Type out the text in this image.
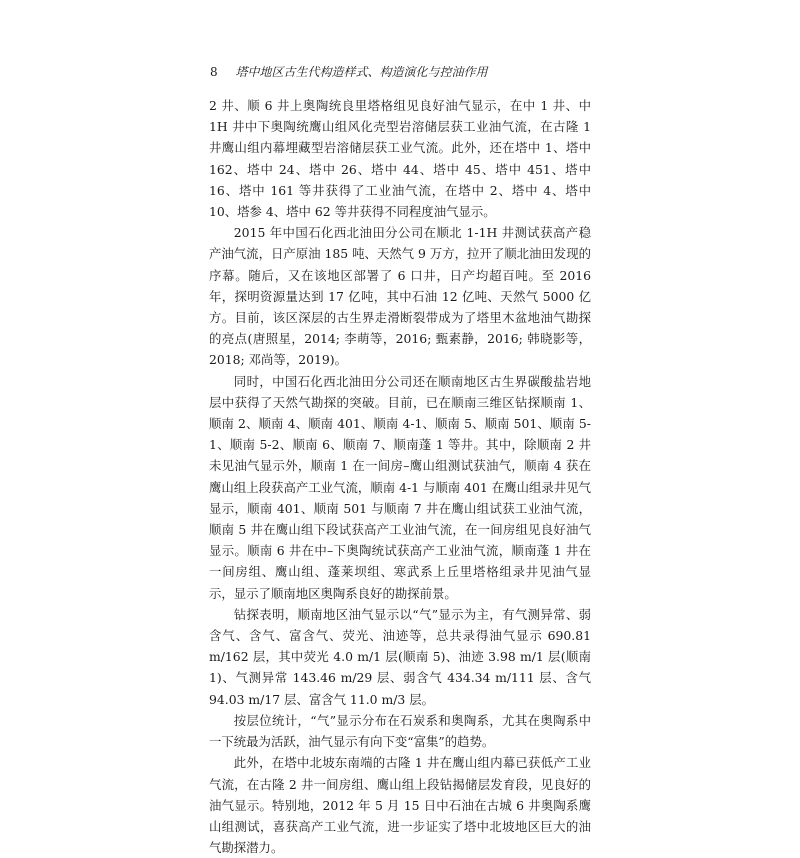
8 塔中地区古生代构造样式、构造演化与控油作用

2 井、顺 6 井上奥陶统良里塔格组见良好油气显示，在中 1 井、中 1H 井中下奥陶统鹰山组风化壳型岩溶储层获工业油气流，在古隆 1 井鹰山组内幕埋藏型岩溶储层获工业气流。此外，还在塔中 1、塔中 162、塔中 24、塔中 26、塔中 44、塔中 45、塔中 451、塔中 16、塔中 161 等井获得了工业油气流，在塔中 2、塔中 4、塔中 10、塔参 4、塔中 62 等井获得不同程度油气显示。

2015 年中国石化西北油田分公司在顺北 1-1H 井测试获高产稳产油气流，日产原油 185 吨、天然气 9 万方，拉开了顺北油田发现的序幕。随后，又在该地区部署了 6 口井，日产均超百吨。至 2016 年，探明资源量达到 17 亿吨，其中石油 12 亿吨、天然气 5000 亿方。目前，该区深层的古生界走滑断裂带成为了塔里木盆地油气勘探的亮点(唐照星，2014; 李萌等，2016; 甄素静，2016; 韩晓影等，2018; 邓尚等，2019)。

同时，中国石化西北油田分公司还在顺南地区古生界碳酸盐岩地层中获得了天然气勘探的突破。目前，已在顺南三维区钻探顺南 1、顺南 2、顺南 4、顺南 401、顺南 4-1、顺南 5、顺南 501、顺南 5-1、顺南 5-2、顺南 6、顺南 7、顺南蓬 1 等井。其中，除顺南 2 井未见油气显示外，顺南 1 在一间房–鹰山组测试获油气，顺南 4 获在鹰山组上段获高产工业气流，顺南 4-1 与顺南 401 在鹰山组录井见气显示，顺南 401、顺南 501 与顺南 7 井在鹰山组试获工业油气流，顺南 5 井在鹰山组下段试获高产工业油气流，在一间房组见良好油气显示。顺南 6 井在中–下奥陶统试获高产工业油气流，顺南蓬 1 井在一间房组、鹰山组、蓬莱坝组、寒武系上丘里塔格组录井见油气显示，显示了顺南地区奥陶系良好的勘探前景。

钻探表明，顺南地区油气显示以“气”显示为主，有气测异常、弱含气、含气、富含气、荧光、油迹等，总共录得油气显示 690.81 m/162 层，其中荧光 4.0 m/1 层(顺南 5)、油迹 3.98 m/1 层(顺南 1)、气测异常 143.46 m/29 层、弱含气 434.34 m/111 层、含气 94.03 m/17 层、富含气 11.0 m/3 层。

按层位统计，“气”显示分布在石炭系和奥陶系，尤其在奥陶系中一下统最为活跃，油气显示有向下变“富集”的趋势。

此外，在塔中北坡东南端的古隆 1 井在鹰山组内幕已获低产工业气流，在古隆 2 井一间房组、鹰山组上段钻揭储层发育段，见良好的油气显示。特别地，2012 年 5 月 15 日中石油在古城 6 井奥陶系鹰山组测试，喜获高产工业气流，进一步证实了塔中北坡地区巨大的油气勘探潜力。
